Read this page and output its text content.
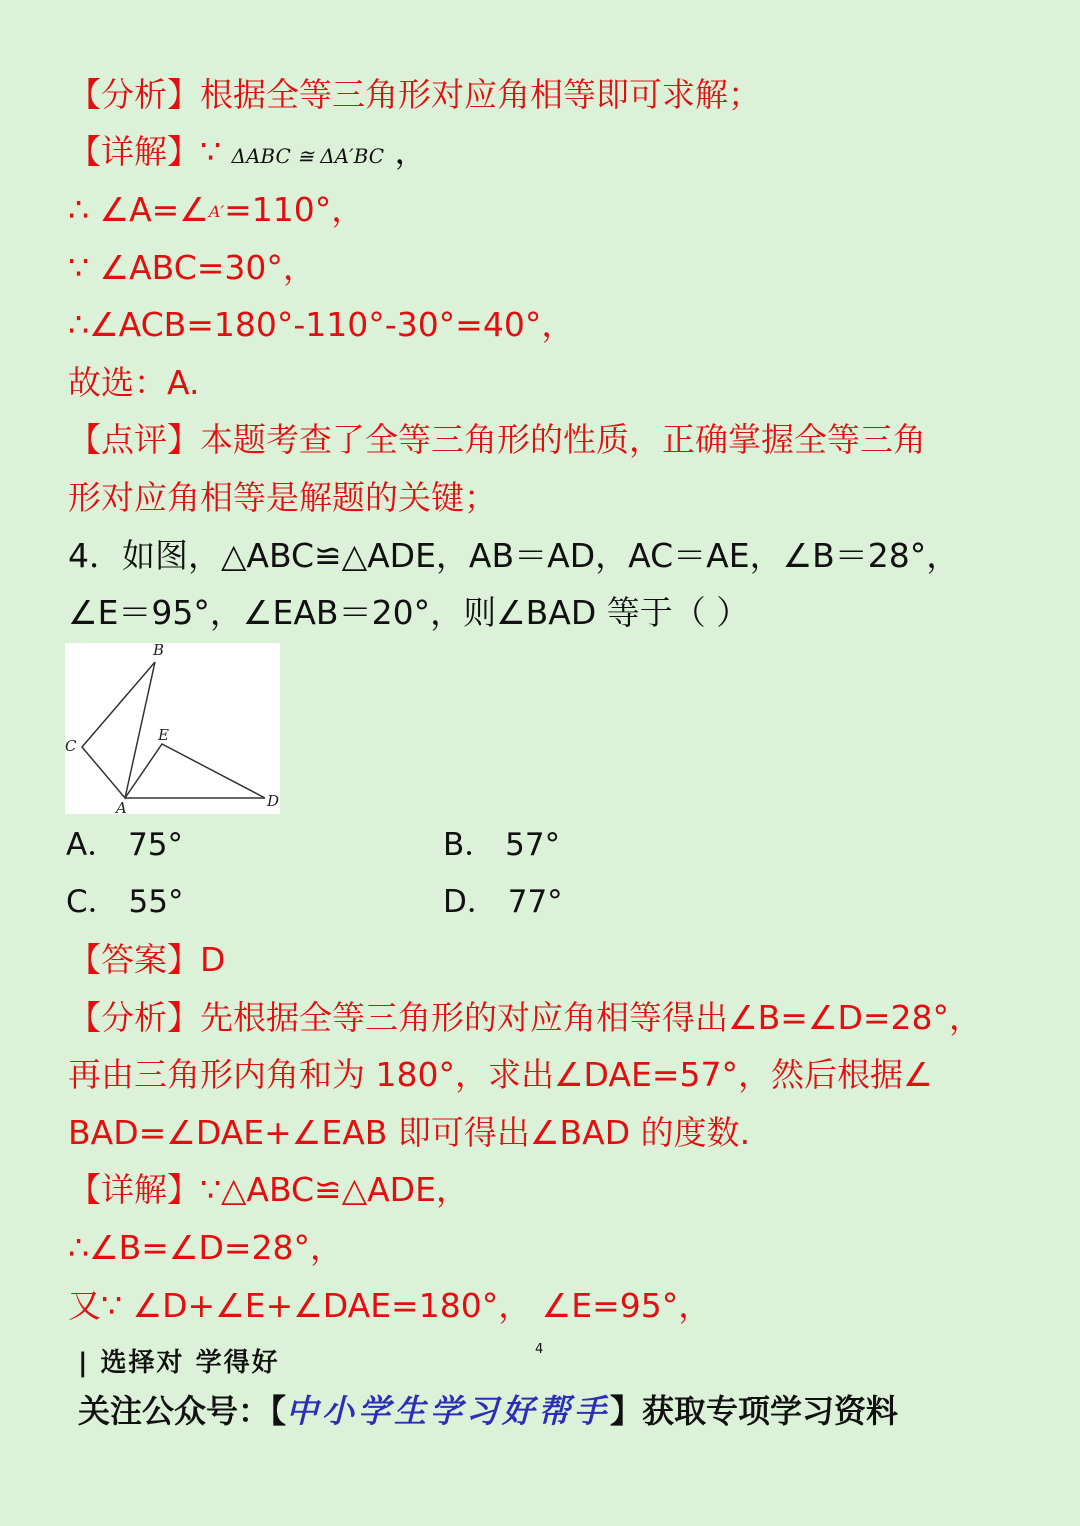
【分析】根据全等三角形对应角相等即可求解；
【详解】∵ ΔABC ≅ ΔA′BC ，
∴ ∠A=∠A′=110°，
∵ ∠ABC=30°，
∴∠ACB=180°-110°-30°=40°，
故选：A.
【点评】本题考查了全等三角形的性质，正确掌握全等三角
形对应角相等是解题的关键；
4．如图，△ABC≌△ADE，AB＝AD，AC＝AE，∠B＝28°，
∠E＝95°，∠EAB＝20°，则∠BAD 等于（ ）
B
C
E
A	D
A． 75°	B． 57°
C． 55°	D． 77°
【答案】D
【分析】先根据全等三角形的对应角相等得出∠B=∠D=28°，
再由三角形内角和为 180°，求出∠DAE=57°，然后根据∠
BAD=∠DAE+∠EAB 即可得出∠BAD 的度数.
【详解】∵△ABC≌△ADE，
∴∠B=∠D=28°，
又∵ ∠D+∠E+∠DAE=180°， ∠E=95°，
| 选择对 学得好	4
关注公众号：【中小学生学习好帮手】获取专项学习资料
